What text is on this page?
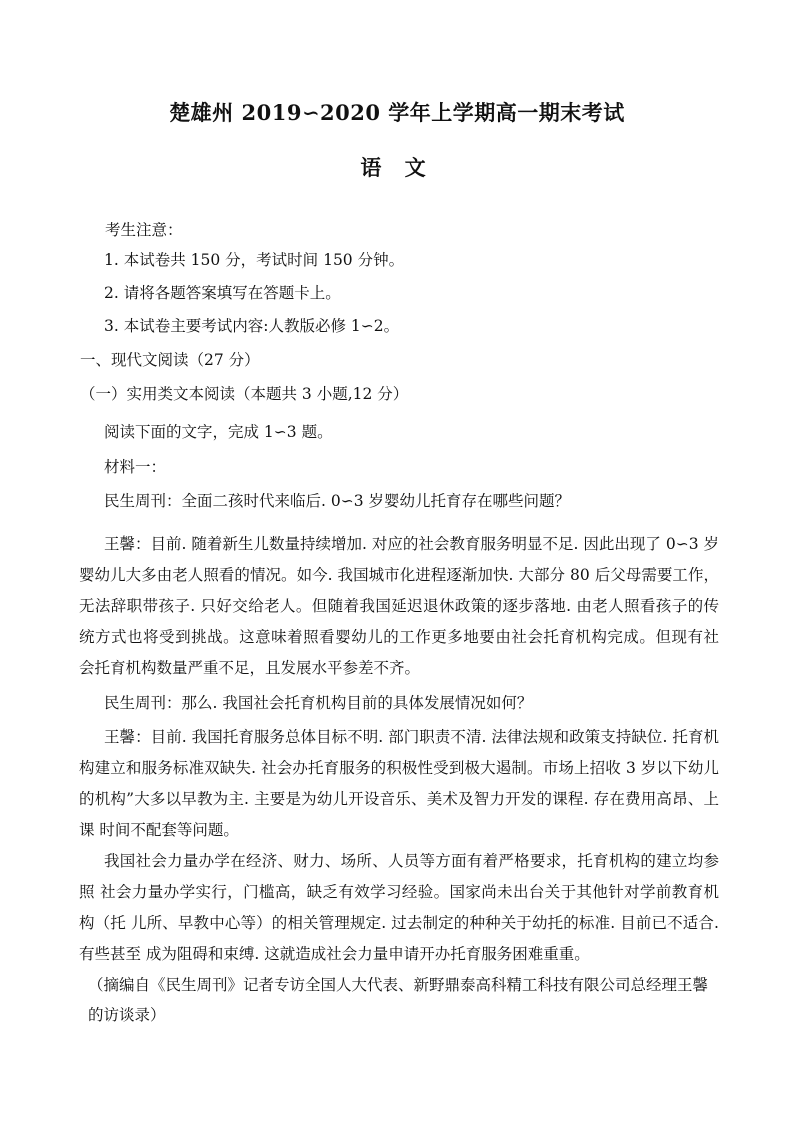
楚雄州 2019∽2020 学年上学期高一期末考试
语 文
考生注意：
1. 本试卷共 150 分，考试时间 150 分钟。
2. 请将各题答案填写在答题卡上。
3. 本试卷主要考试内容:人教版必修 1∽2。
一、现代文阅读（27 分）
（一）实用类文本阅读（本题共 3 小题,12 分）
阅读下面的文字，完成 1∽3 题。
材料一：
民生周刊：全面二孩时代来临后. 0∽3 岁婴幼儿托育存在哪些问题？
王馨：目前. 随着新生儿数量持续增加. 对应的社会教育服务明显不足. 因此出现了 0∽3 岁 婴幼儿大多由老人照看的情况。如今. 我国城市化进程逐渐加快. 大部分 80 后父母需要工作， 无法辞职带孩子. 只好交给老人。但随着我国延迟退休政策的逐步落地. 由老人照看孩子的传 统方式也将受到挑战。这意味着照看婴幼儿的工作更多地要由社会托育机构完成。但现有社 会托育机构数量严重不足，且发展水平参差不齐。
民生周刊：那么. 我国社会托育机构目前的具体发展情况如何？
王馨：目前. 我国托育服务总体目标不明. 部门职责不清. 法律法规和政策支持缺位. 托育机 构建立和服务标准双缺失. 社会办托育服务的积极性受到极大遏制。市场上招收 3 岁以下幼儿 的机构”大多以早教为主. 主要是为幼儿开设音乐、美术及智力开发的课程. 存在费用高昂、上课 时间不配套等问题。
我国社会力量办学在经济、财力、场所、人员等方面有着严格要求，托育机构的建立均参照 社会力量办学实行，门槛高，缺乏有效学习经验。国家尚未出台关于其他针对学前教育机构（托 儿所、早教中心等）的相关管理规定. 过去制定的种种关于幼托的标准. 目前已不适合. 有些甚至 成为阻碍和束缚. 这就造成社会力量申请开办托育服务困难重重。
（摘编自《民生周刊》记者专访全国人大代表、新野鼎泰高科精工科技有限公司总经理王馨的访谈录）
